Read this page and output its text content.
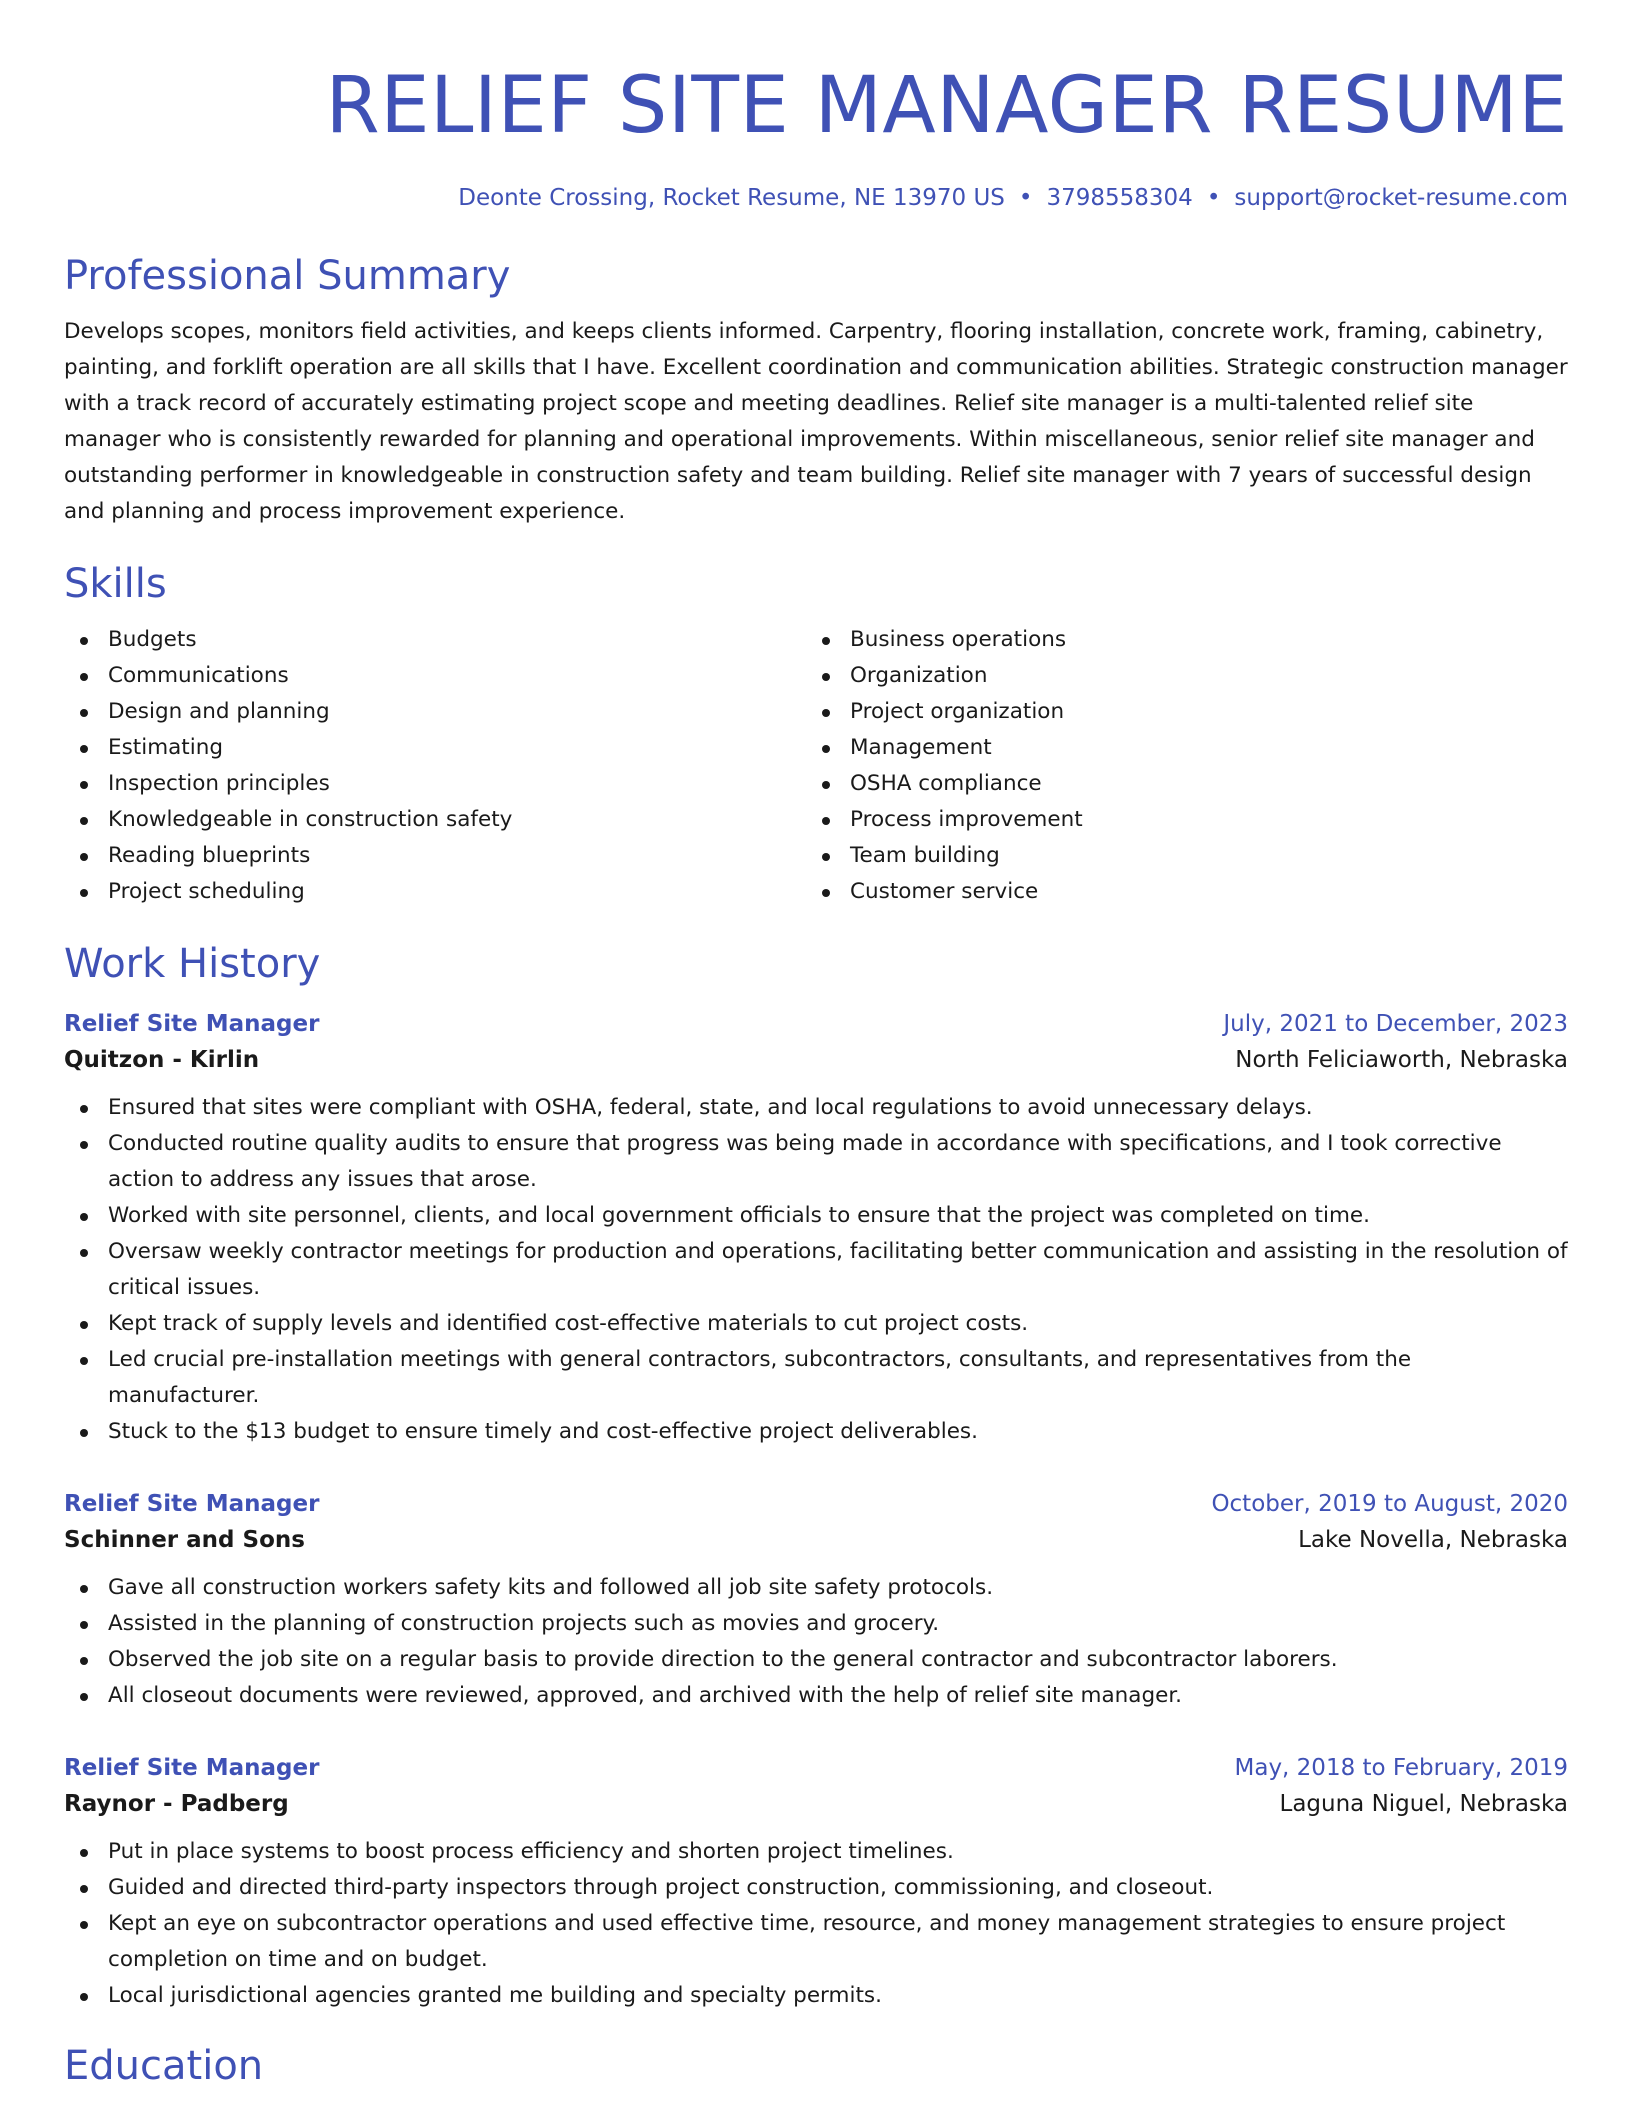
RELIEF SITE MANAGER RESUME
Deonte Crossing, Rocket Resume, NE 13970 US • 3798558304 • support@rocket-resume.com
Professional Summary
Develops scopes, monitors field activities, and keeps clients informed. Carpentry, flooring installation, concrete work, framing, cabinetry, painting, and forklift operation are all skills that I have. Excellent coordination and communication abilities. Strategic construction manager with a track record of accurately estimating project scope and meeting deadlines. Relief site manager is a multi-talented relief site manager who is consistently rewarded for planning and operational improvements. Within miscellaneous, senior relief site manager and outstanding performer in knowledgeable in construction safety and team building. Relief site manager with 7 years of successful design and planning and process improvement experience.
Skills
Budgets
Communications
Design and planning
Estimating
Inspection principles
Knowledgeable in construction safety
Reading blueprints
Project scheduling
Business operations
Organization
Project organization
Management
OSHA compliance
Process improvement
Team building
Customer service
Work History
Relief Site Manager	July, 2021 to December, 2023
Quitzon - Kirlin	North Feliciaworth, Nebraska
Ensured that sites were compliant with OSHA, federal, state, and local regulations to avoid unnecessary delays.
Conducted routine quality audits to ensure that progress was being made in accordance with specifications, and I took corrective action to address any issues that arose.
Worked with site personnel, clients, and local government officials to ensure that the project was completed on time.
Oversaw weekly contractor meetings for production and operations, facilitating better communication and assisting in the resolution of critical issues.
Kept track of supply levels and identified cost-effective materials to cut project costs.
Led crucial pre-installation meetings with general contractors, subcontractors, consultants, and representatives from the manufacturer.
Stuck to the $13 budget to ensure timely and cost-effective project deliverables.
Relief Site Manager	October, 2019 to August, 2020
Schinner and Sons	Lake Novella, Nebraska
Gave all construction workers safety kits and followed all job site safety protocols.
Assisted in the planning of construction projects such as movies and grocery.
Observed the job site on a regular basis to provide direction to the general contractor and subcontractor laborers.
All closeout documents were reviewed, approved, and archived with the help of relief site manager.
Relief Site Manager	May, 2018 to February, 2019
Raynor - Padberg	Laguna Niguel, Nebraska
Put in place systems to boost process efficiency and shorten project timelines.
Guided and directed third-party inspectors through project construction, commissioning, and closeout.
Kept an eye on subcontractor operations and used effective time, resource, and money management strategies to ensure project completion on time and on budget.
Local jurisdictional agencies granted me building and specialty permits.
Education
